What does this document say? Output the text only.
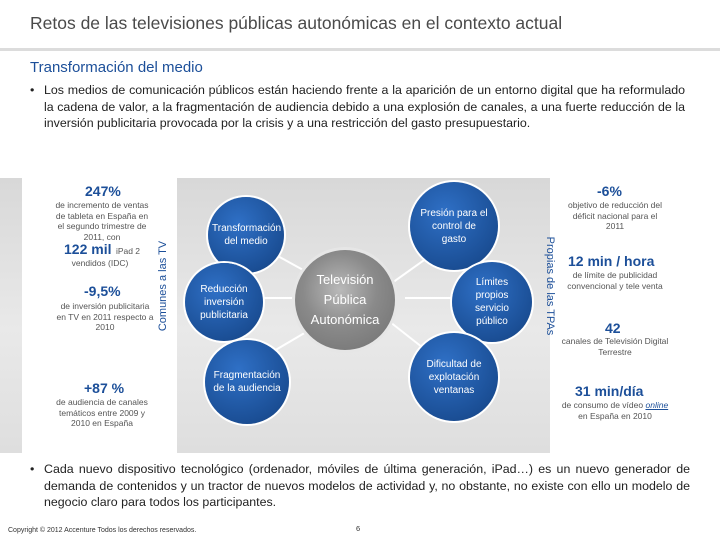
Retos de las televisiones públicas autonómicas en el contexto actual
Transformación del medio
• Los medios de comunicación públicos están haciendo frente a la aparición de un entorno digital que ha reformulado la cadena de valor, a la fragmentación de audiencia debido a una explosión de canales, a una fuerte reducción de la inversión publicitaria provocada por la crisis y a una restricción del gasto presupuestario.
Comunes a las TV	Propias de las TPAs
Transformación del medio
Reducción inversión publicitaria
Fragmentación de la audiencia
Televisión Pública Autonómica
Presión para el control de gasto
Límites propios servicio público
Dificultad de explotación ventanas
247%
de incremento de ventas de tableta en España en el segundo trimestre de 2011, con
122 mil iPad 2
vendidos (IDC)
-9,5%
de inversión publicitaria en TV en 2011 respecto a 2010
+87 %
de audiencia de canales temáticos entre 2009 y 2010 en España
-6%
objetivo de reducción del déficit nacional para el 2011
12 min / hora
de límite de publicidad convencional y tele venta
42
canales de Televisión Digital Terrestre
31 min/día
de consumo de vídeo online en España en 2010
• Cada nuevo dispositivo tecnológico (ordenador, móviles de última generación, iPad…) es un nuevo generador de demanda de contenidos y un tractor de nuevos modelos de actividad y, no obstante, no existe con ello un modelo de negocio claro para todos los participantes.
Copyright © 2012 Accenture Todos los derechos reservados.	6
